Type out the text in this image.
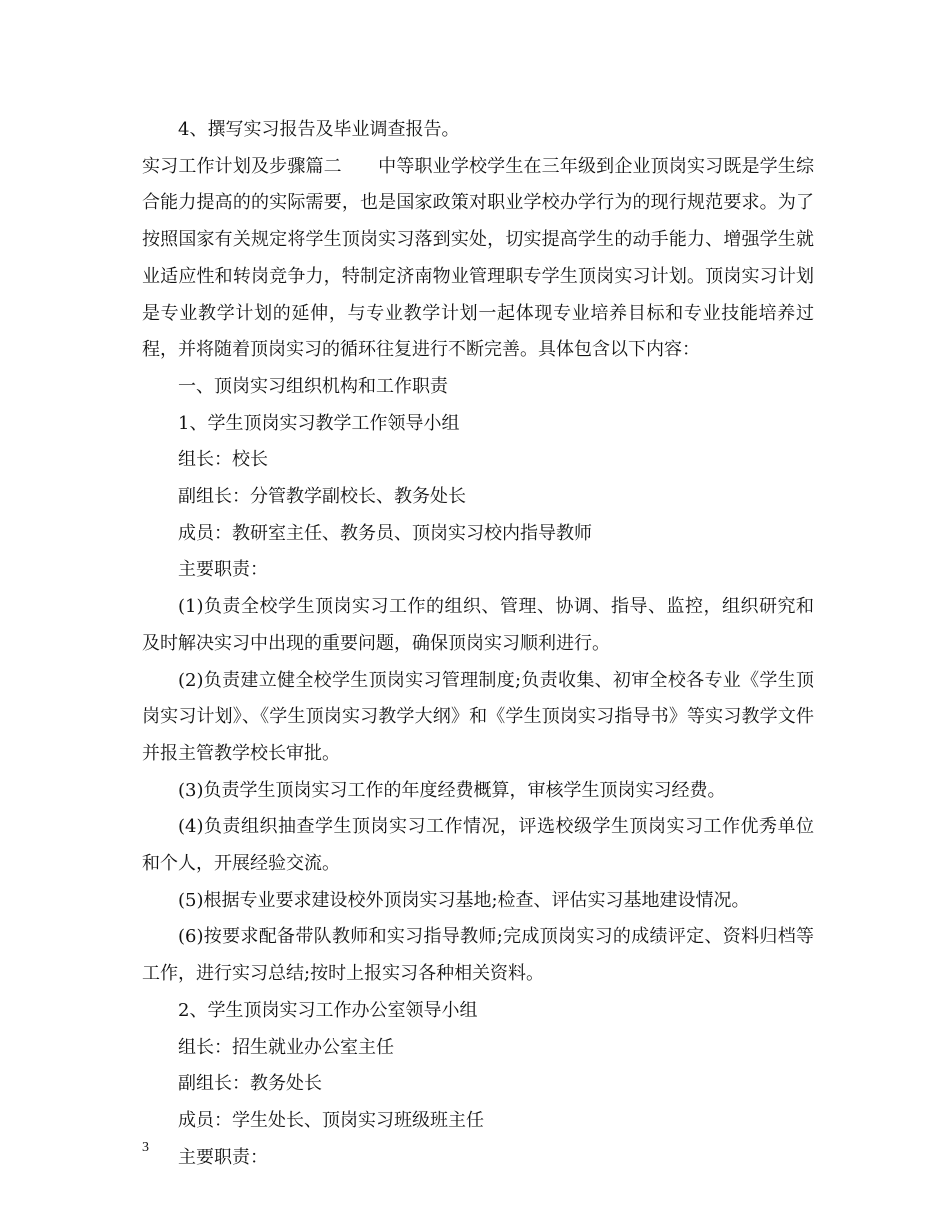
4、撰写实习报告及毕业调查报告。

实习工作计划及步骤篇二　　中等职业学校学生在三年级到企业顶岗实习既是学生综合能力提高的的实际需要，也是国家政策对职业学校办学行为的现行规范要求。为了按照国家有关规定将学生顶岗实习落到实处，切实提高学生的动手能力、增强学生就业适应性和转岗竞争力，特制定济南物业管理职专学生顶岗实习计划。顶岗实习计划是专业教学计划的延伸，与专业教学计划一起体现专业培养目标和专业技能培养过程，并将随着顶岗实习的循环往复进行不断完善。具体包含以下内容：

一、顶岗实习组织机构和工作职责

1、学生顶岗实习教学工作领导小组

组长：校长

副组长：分管教学副校长、教务处长

成员：教研室主任、教务员、顶岗实习校内指导教师

主要职责：

(1)负责全校学生顶岗实习工作的组织、管理、协调、指导、监控，组织研究和及时解决实习中出现的重要问题，确保顶岗实习顺利进行。

(2)负责建立健全校学生顶岗实习管理制度;负责收集、初审全校各专业《学生顶岗实习计划》、《学生顶岗实习教学大纲》和《学生顶岗实习指导书》等实习教学文件并报主管教学校长审批。

(3)负责学生顶岗实习工作的年度经费概算，审核学生顶岗实习经费。

(4)负责组织抽查学生顶岗实习工作情况，评选校级学生顶岗实习工作优秀单位和个人，开展经验交流。

(5)根据专业要求建设校外顶岗实习基地;检查、评估实习基地建设情况。

(6)按要求配备带队教师和实习指导教师;完成顶岗实习的成绩评定、资料归档等工作，进行实习总结;按时上报实习各种相关资料。

2、学生顶岗实习工作办公室领导小组

组长：招生就业办公室主任

副组长：教务处长

成员：学生处长、顶岗实习班级班主任

主要职责：

3
